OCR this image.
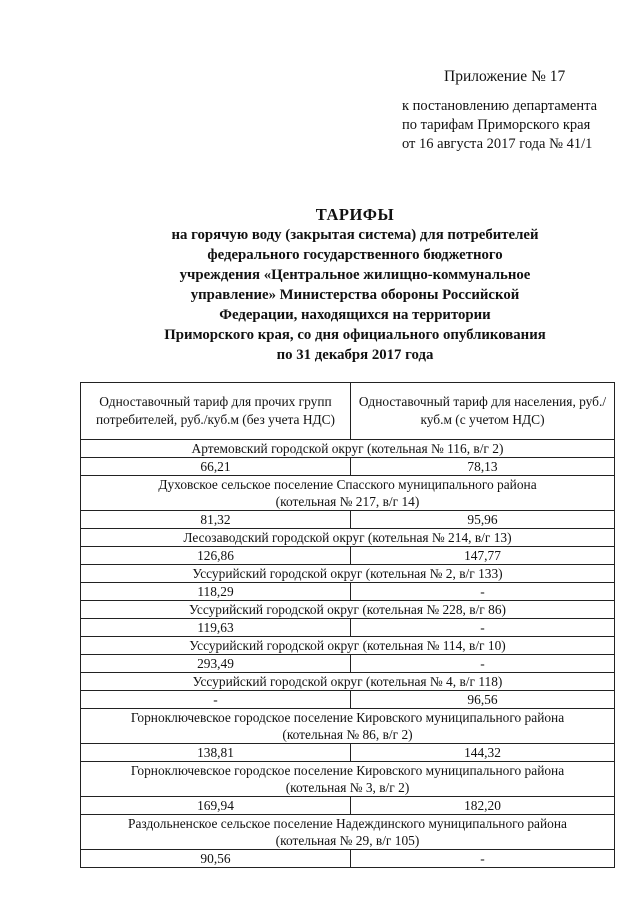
Приложение № 17
к постановлению департамента
по тарифам Приморского края
от 16 августа 2017 года № 41/1
ТАРИФЫ
на горячую воду (закрытая система) для потребителей
федерального государственного бюджетного
учреждения «Центральное жилищно-коммунальное
управление» Министерства обороны Российской
Федерации, находящихся на территории
Приморского края, со дня официального опубликования
по 31 декабря 2017 года
Одноставочный тариф для прочих групп потребителей, руб./куб.м (без учета НДС)	Одноставочный тариф для населения, руб./куб.м (с учетом НДС)

Артемовский городской округ (котельная № 116, в/г 2)	

66,21	78,13

Духовское сельское поселение Спасского муниципального района
(котельная № 217, в/г 14)	

81,32	95,96

Лесозаводский городской округ (котельная № 214, в/г 13)	

126,86	147,77

Уссурийский городской округ (котельная № 2, в/г 133)	

118,29	-

Уссурийский городской округ (котельная № 228, в/г 86)	

119,63	-

Уссурийский городской округ (котельная № 114, в/г 10)	

293,49	-

Уссурийский городской округ (котельная № 4, в/г 118)	

-	96,56

Горноключевское городское поселение Кировского муниципального района
(котельная № 86, в/г 2)	

138,81	144,32

Горноключевское городское поселение Кировского муниципального района
(котельная № 3, в/г 2)	

169,94	182,20

Раздольненское сельское поселение Надеждинского муниципального района
(котельная № 29, в/г 105)	

90,56	-
